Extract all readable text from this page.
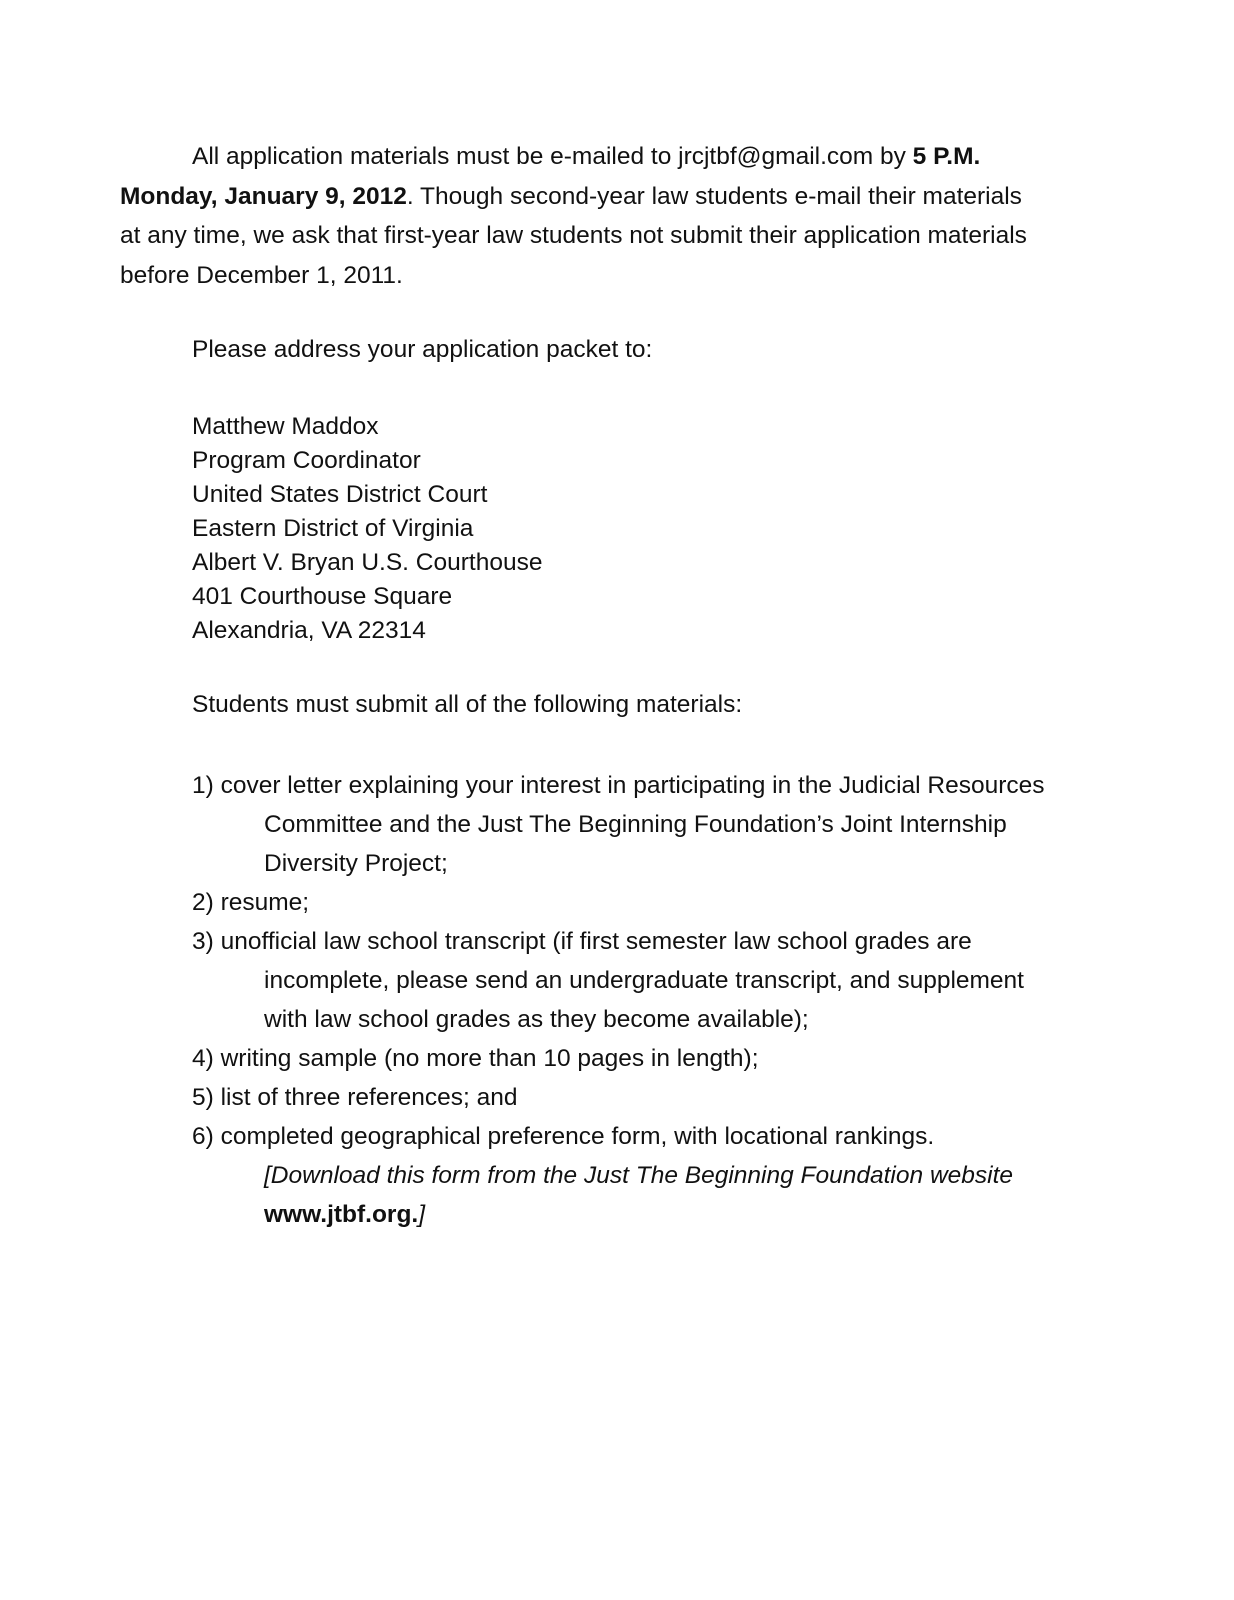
All application materials must be e-mailed to jrcjtbf@gmail.com by 5 P.M. Monday, January 9, 2012. Though second-year law students e-mail their materials at any time, we ask that first-year law students not submit their application materials before December 1, 2011.

Please address your application packet to:

Matthew Maddox
Program Coordinator
United States District Court
Eastern District of Virginia
Albert V. Bryan U.S. Courthouse
401 Courthouse Square
Alexandria, VA 22314

Students must submit all of the following materials:

1) cover letter explaining your interest in participating in the Judicial Resources Committee and the Just The Beginning Foundation’s Joint Internship Diversity Project;
2) resume;
3) unofficial law school transcript (if first semester law school grades are incomplete, please send an undergraduate transcript, and supplement with law school grades as they become available);
4) writing sample (no more than 10 pages in length);
5) list of three references; and
6) completed geographical preference form, with locational rankings.
[Download this form from the Just The Beginning Foundation website www.jtbf.org.]
